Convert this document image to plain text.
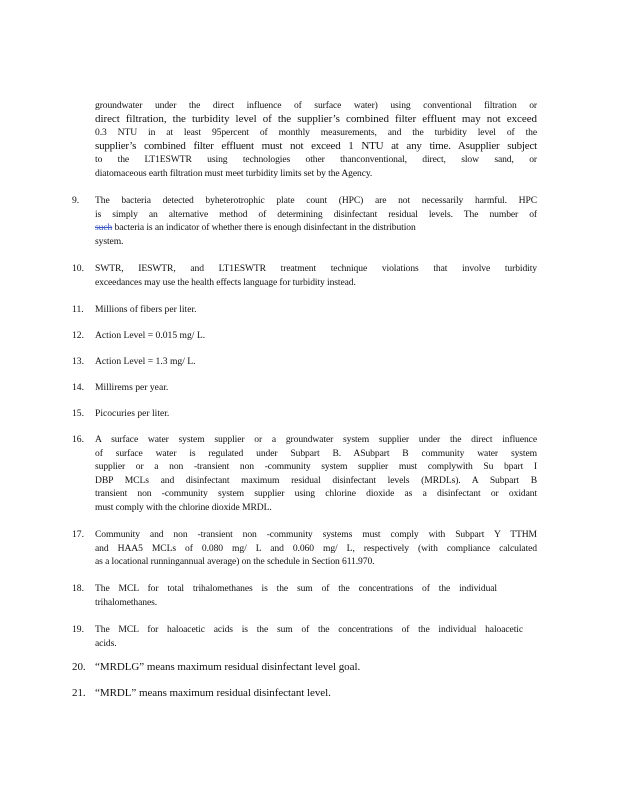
groundwater under the direct influence of surface water) using conventional filtration or
direct filtration, the turbidity level of the supplier’s combined filter effluent may not exceed
0.3 NTU in at least 95percent of monthly measurements, and the turbidity level of the
supplier’s combined filter effluent must not exceed 1 NTU at any time. Asupplier subject
to the LT1ESWTR using technologies other thanconventional, direct, slow sand, or
diatomaceous earth filtration must meet turbidity limits set by the Agency.
9.	The bacteria detected byheterotrophic plate count (HPC) are not necessarily harmful. HPC
is simply an alternative method of determining disinfectant residual levels. The number of
such bacteria is an indicator of whether there is enough disinfectant in the distribution
system.
10.	SWTR, IESWTR, and LT1ESWTR treatment technique violations that involve turbidity
exceedances may use the health effects language for turbidity instead.
11.	Millions of fibers per liter.
12.	Action Level = 0.015 mg/ L.
13.	Action Level = 1.3 mg/ L.
14.	Millirems per year.
15.	Picocuries per liter.
16.	A surface water system supplier or a groundwater system supplier under the direct influence
of surface water is regulated under Subpart B. ASubpart B community water system
supplier or a non -transient non -community system supplier must complywith Su bpart I
DBP MCLs and disinfectant maximum residual disinfectant levels (MRDLs). A Subpart B
transient non -community system supplier using chlorine dioxide as a disinfectant or oxidant
must comply with the chlorine dioxide MRDL.
17.	Community and non -transient non -community systems must comply with Subpart Y TTHM
and HAA5 MCLs of 0.080 mg/ L and 0.060 mg/ L, respectively (with compliance calculated
as a locational runningannual average) on the schedule in Section 611.970.
18.	The MCL for total trihalomethanes is the sum of the concentrations of the individual
trihalomethanes.
19.	The MCL for haloacetic acids is the sum of the concentrations of the individual haloacetic
acids.
20. “MRDLG” means maximum residual disinfectant level goal.
21. “MRDL” means maximum residual disinfectant level.
